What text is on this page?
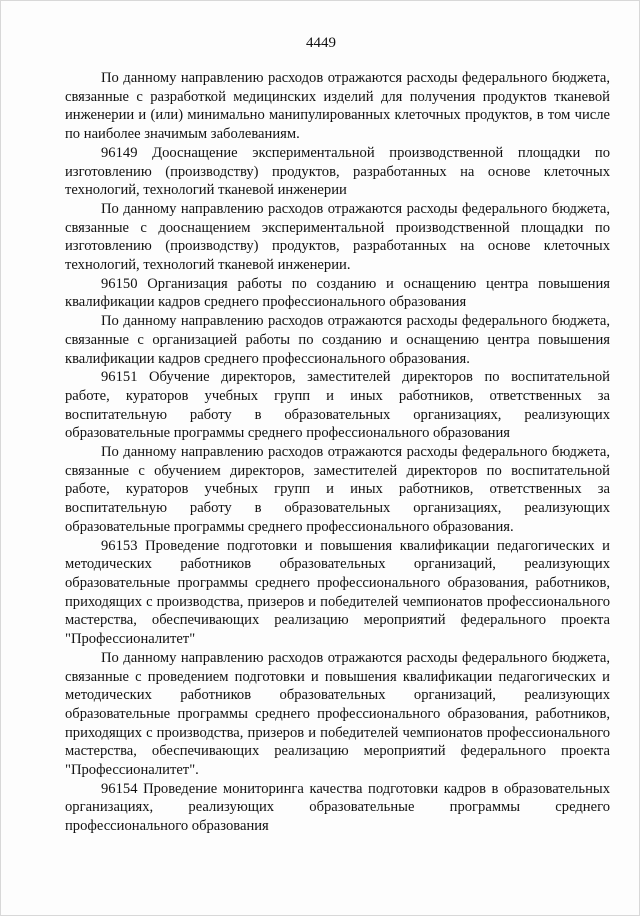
4449

По данному направлению расходов отражаются расходы федерального бюджета, связанные с разработкой медицинских изделий для получения продуктов тканевой инженерии и (или) минимально манипулированных клеточных продуктов, в том числе по наиболее значимым заболеваниям.

96149 Дооснащение экспериментальной производственной площадки по изготовлению (производству) продуктов, разработанных на основе клеточных технологий, технологий тканевой инженерии

По данному направлению расходов отражаются расходы федерального бюджета, связанные с дооснащением экспериментальной производственной площадки по изготовлению (производству) продуктов, разработанных на основе клеточных технологий, технологий тканевой инженерии.

96150 Организация работы по созданию и оснащению центра повышения квалификации кадров среднего профессионального образования

По данному направлению расходов отражаются расходы федерального бюджета, связанные с организацией работы по созданию и оснащению центра повышения квалификации кадров среднего профессионального образования.

96151 Обучение директоров, заместителей директоров по воспитательной работе, кураторов учебных групп и иных работников, ответственных за воспитательную работу в образовательных организациях, реализующих образовательные программы среднего профессионального образования

По данному направлению расходов отражаются расходы федерального бюджета, связанные с обучением директоров, заместителей директоров по воспитательной работе, кураторов учебных групп и иных работников, ответственных за воспитательную работу в образовательных организациях, реализующих образовательные программы среднего профессионального образования.

96153 Проведение подготовки и повышения квалификации педагогических и методических работников образовательных организаций, реализующих образовательные программы среднего профессионального образования, работников, приходящих с производства, призеров и победителей чемпионатов профессионального мастерства, обеспечивающих реализацию мероприятий федерального проекта "Профессионалитет"

По данному направлению расходов отражаются расходы федерального бюджета, связанные с проведением подготовки и повышения квалификации педагогических и методических работников образовательных организаций, реализующих образовательные программы среднего профессионального образования, работников, приходящих с производства, призеров и победителей чемпионатов профессионального мастерства, обеспечивающих реализацию мероприятий федерального проекта "Профессионалитет".

96154 Проведение мониторинга качества подготовки кадров в образовательных организациях, реализующих образовательные программы среднего профессионального образования
